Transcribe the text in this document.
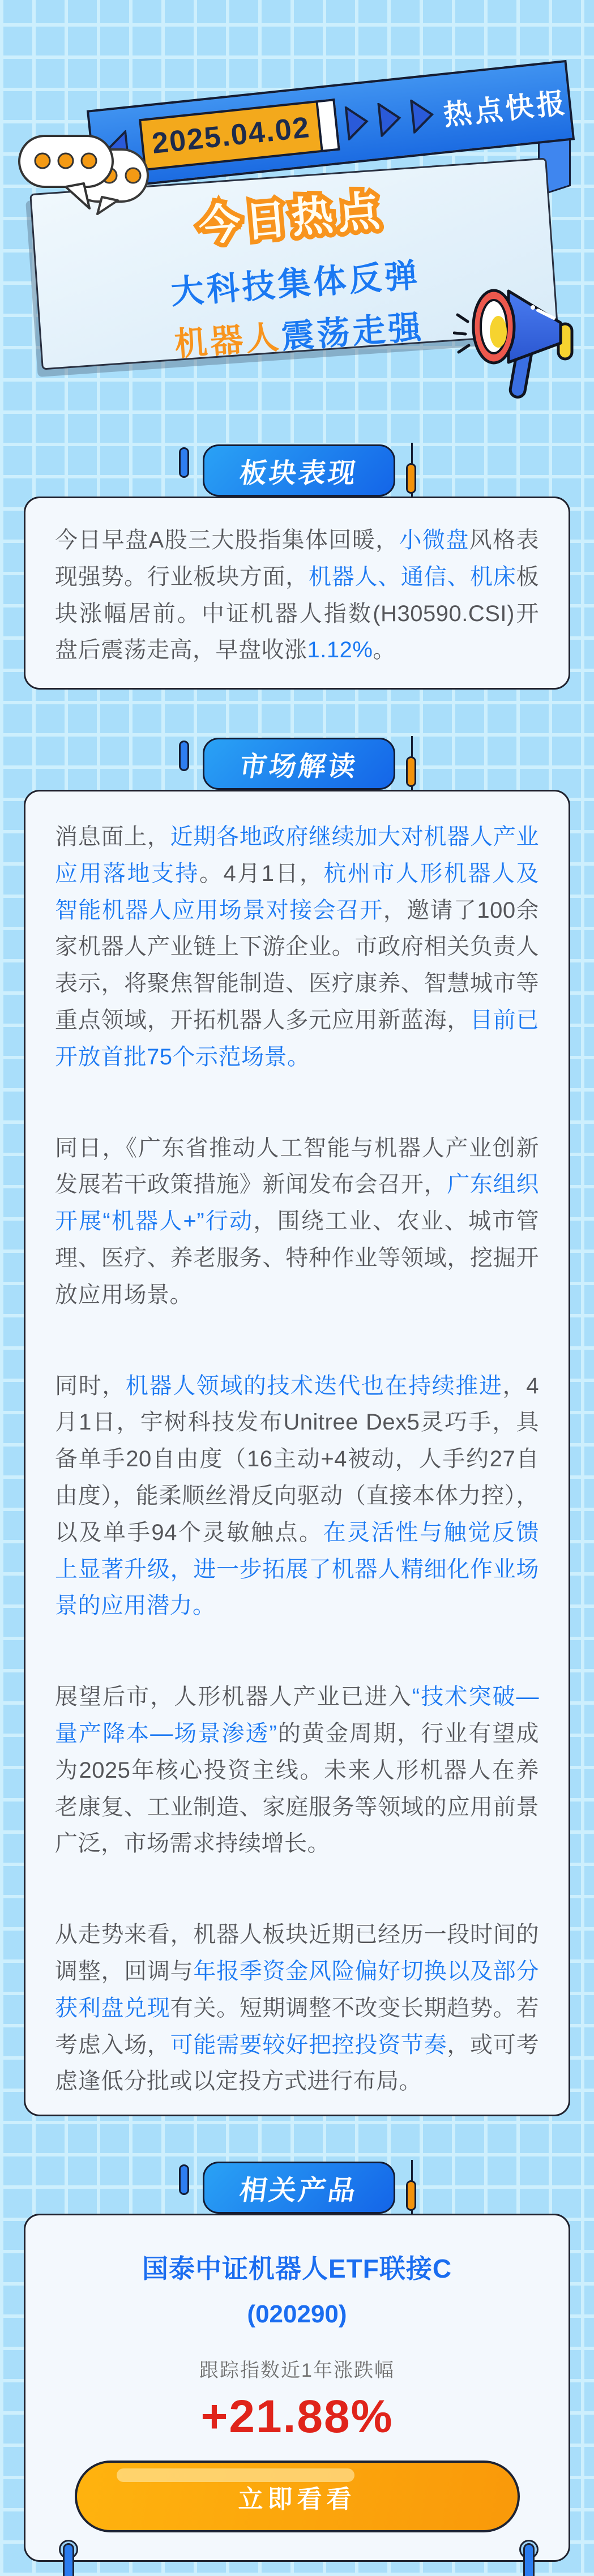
今日热点
大科技集体反弹
机器人震荡走强
2025.04.02
热点快报
板块表现

今日早盘A股三大股指集体回暖，小微盘风格表现强势。行业板块方面，机器人、通信、机床板块涨幅居前。中证机器人指数(H30590.CSI)开盘后震荡走高，早盘收涨1.12%。

市场解读

消息面上，近期各地政府继续加大对机器人产业应用落地支持。4月1日，杭州市人形机器人及智能机器人应用场景对接会召开，邀请了100余家机器人产业链上下游企业。市政府相关负责人表示，将聚焦智能制造、医疗康养、智慧城市等重点领域，开拓机器人多元应用新蓝海，目前已开放首批75个示范场景。

同日，《广东省推动人工智能与机器人产业创新发展若干政策措施》新闻发布会召开，广东组织开展“机器人+”行动，围绕工业、农业、城市管理、医疗、养老服务、特种作业等领域，挖掘开放应用场景。

同时，机器人领域的技术迭代也在持续推进，4月1日，宇树科技发布Unitree Dex5灵巧手，具备单手20自由度（16主动+4被动，人手约27自由度），能柔顺丝滑反向驱动（直接本体力控），以及单手94个灵敏触点。在灵活性与触觉反馈上显著升级，进一步拓展了机器人精细化作业场景的应用潜力。

展望后市，人形机器人产业已进入“技术突破—量产降本—场景渗透”的黄金周期，行业有望成为2025年核心投资主线。未来人形机器人在养老康复、工业制造、家庭服务等领域的应用前景广泛，市场需求持续增长。

从走势来看，机器人板块近期已经历一段时间的调整，回调与年报季资金风险偏好切换以及部分获利盘兑现有关。短期调整不改变长期趋势。若考虑入场，可能需要较好把控投资节奏，或可考虑逢低分批或以定投方式进行布局。

相关产品
国泰中证机器人ETF联接C
(020290)
跟踪指数近1年涨跌幅
+21.88%
立即看看
